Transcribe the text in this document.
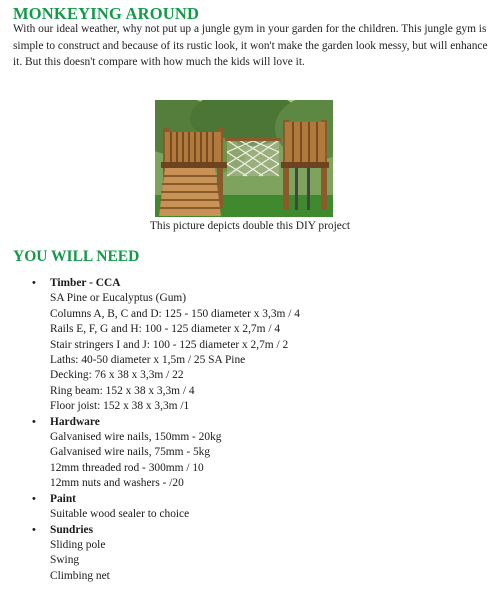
MONKEYING AROUND

With our ideal weather, why not put up a jungle gym in your garden for the children. This jungle gym is simple to construct and because of its rustic look, it won't make the garden look messy, but will enhance it. But this doesn't compare with how much the kids will love it.

This picture depicts double this DIY project
YOU WILL NEED
• Timber - CCA
SA Pine or Eucalyptus (Gum)
Columns A, B, C and D: 125 - 150 diameter x 3,3m / 4
Rails E, F, G and H: 100 - 125 diameter x 2,7m / 4
Stair stringers I and J: 100 - 125 diameter x 2,7m / 2
Laths: 40-50 diameter x 1,5m / 25 SA Pine
Decking: 76 x 38 x 3,3m / 22
Ring beam: 152 x 38 x 3,3m / 4
Floor joist: 152 x 38 x 3,3m /1
• Hardware
Galvanised wire nails, 150mm - 20kg
Galvanised wire nails, 75mm - 5kg
12mm threaded rod - 300mm / 10
12mm nuts and washers - /20
• Paint
Suitable wood sealer to choice
• Sundries
Sliding pole
Swing
Climbing net
